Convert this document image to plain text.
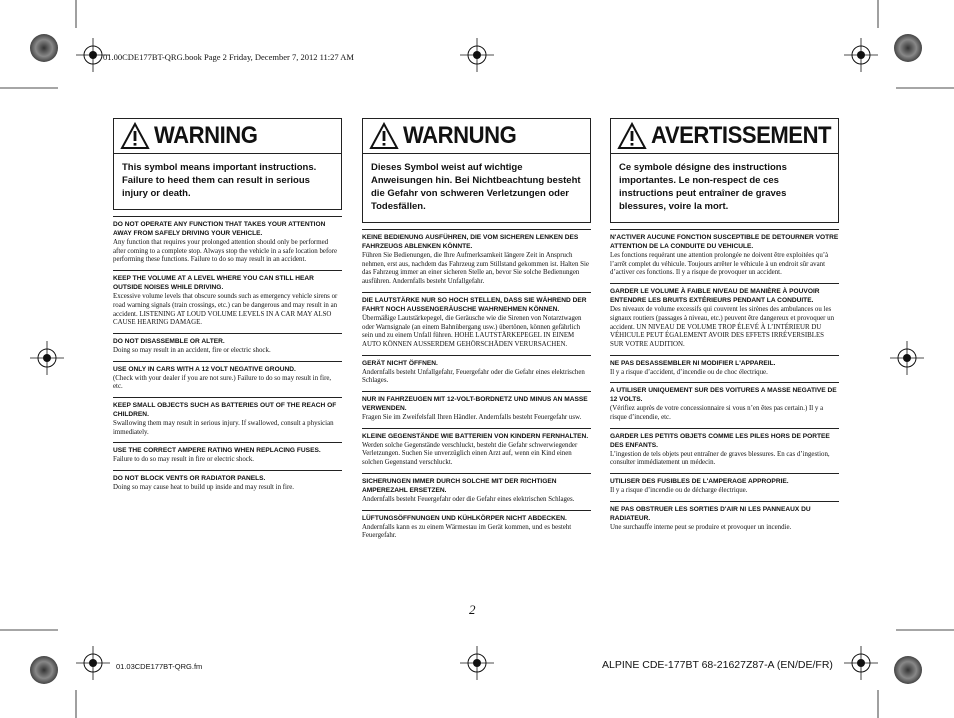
01.00CDE177BT-QRG.book Page 2 Friday, December 7, 2012 11:27 AM
WARNING
This symbol means important instructions. Failure to heed them can result in serious injury or death.
DO NOT OPERATE ANY FUNCTION THAT TAKES YOUR ATTENTION AWAY FROM SAFELY DRIVING YOUR VEHICLE.

Any function that requires your prolonged attention should only be performed after coming to a complete stop. Always stop the vehicle in a safe location before performing these functions. Failure to do so may result in an accident.

KEEP THE VOLUME AT A LEVEL WHERE YOU CAN STILL HEAR OUTSIDE NOISES WHILE DRIVING.

Excessive volume levels that obscure sounds such as emergency vehicle sirens or road warning signals (train crossings, etc.) can be dangerous and may result in an accident. LISTENING AT LOUD VOLUME LEVELS IN A CAR MAY ALSO CAUSE HEARING DAMAGE.

DO NOT DISASSEMBLE OR ALTER.

Doing so may result in an accident, fire or electric shock.

USE ONLY IN CARS WITH A 12 VOLT NEGATIVE GROUND.

(Check with your dealer if you are not sure.) Failure to do so may result in fire, etc.

KEEP SMALL OBJECTS SUCH AS BATTERIES OUT OF THE REACH OF CHILDREN.

Swallowing them may result in serious injury. If swallowed, consult a physician immediately.

USE THE CORRECT AMPERE RATING WHEN REPLACING FUSES.

Failure to do so may result in fire or electric shock.

DO NOT BLOCK VENTS OR RADIATOR PANELS.

Doing so may cause heat to build up inside and may result in fire.

WARNUNG
Dieses Symbol weist auf wichtige Anweisungen hin. Bei Nichtbeachtung besteht die Gefahr von schweren Verletzungen oder Todesfällen.
KEINE BEDIENUNG AUSFÜHREN, DIE VOM SICHEREN LENKEN DES FAHRZEUGS ABLENKEN KÖNNTE.

Führen Sie Bedienungen, die Ihre Aufmerksamkeit längere Zeit in Anspruch nehmen, erst aus, nachdem das Fahrzeug zum Stillstand gekommen ist. Halten Sie das Fahrzeug immer an einer sicheren Stelle an, bevor Sie solche Bedienungen ausführen. Andernfalls besteht Unfallgefahr.

DIE LAUTSTÄRKE NUR SO HOCH STELLEN, DASS SIE WÄHREND DER FAHRT NOCH AUSSENGERÄUSCHE WAHRNEHMEN KÖNNEN.

Übermäßige Lautstärkepegel, die Geräusche wie die Sirenen von Notarztwagen oder Warnsignale (an einem Bahnübergang usw.) übertönen, können gefährlich sein und zu einem Unfall führen. HOHE LAUTSTÄRKEPEGEL IN EINEM AUTO KÖNNEN AUSSERDEM GEHÖRSCHÄDEN VERURSACHEN.

GERÄT NICHT ÖFFNEN.

Andernfalls besteht Unfallgefahr, Feuergefahr oder die Gefahr eines elektrischen Schlages.

NUR IN FAHRZEUGEN MIT 12-VOLT-BORDNETZ UND MINUS AN MASSE VERWENDEN.

Fragen Sie im Zweifelsfall Ihren Händler. Andernfalls besteht Feuergefahr usw.

KLEINE GEGENSTÄNDE WIE BATTERIEN VON KINDERN FERNHALTEN.

Werden solche Gegenstände verschluckt, besteht die Gefahr schwerwiegender Verletzungen. Suchen Sie unverzüglich einen Arzt auf, wenn ein Kind einen solchen Gegenstand verschluckt.

SICHERUNGEN IMMER DURCH SOLCHE MIT DER RICHTIGEN AMPEREZAHL ERSETZEN.

Andernfalls besteht Feuergefahr oder die Gefahr eines elektrischen Schlages.

LÜFTUNGSÖFFNUNGEN UND KÜHLKÖRPER NICHT ABDECKEN.

Andernfalls kann es zu einem Wärmestau im Gerät kommen, und es besteht Feuergefahr.

AVERTISSEMENT
Ce symbole désigne des instructions importantes. Le non-respect de ces instructions peut entraîner de graves blessures, voire la mort.
N'ACTIVER AUCUNE FONCTION SUSCEPTIBLE DE DETOURNER VOTRE ATTENTION DE LA CONDUITE DU VEHICULE.

Les fonctions requérant une attention prolongée ne doivent être exploitées qu’à l’arrêt complet du véhicule. Toujours arrêter le véhicule à un endroit sûr avant d’activer ces fonctions. Il y a risque de provoquer un accident.

GARDER LE VOLUME À FAIBLE NIVEAU DE MANIÈRE À POUVOIR ENTENDRE LES BRUITS EXTÉRIEURS PENDANT LA CONDUITE.

Des niveaux de volume excessifs qui couvrent les sirènes des ambulances ou les signaux routiers (passages à niveau, etc.) peuvent être dangereux et provoquer un accident. UN NIVEAU DE VOLUME TROP ÉLEVÉ À L’INTÉRIEUR DU VÉHICULE PEUT ÉGALEMENT AVOIR DES EFFETS IRRÉVERSIBLES SUR VOTRE AUDITION.

NE PAS DESASSEMBLER NI MODIFIER L'APPAREIL.

Il y a risque d’accident, d’incendie ou de choc électrique.

A UTILISER UNIQUEMENT SUR DES VOITURES A MASSE NEGATIVE DE 12 VOLTS.

(Vérifiez auprès de votre concessionnaire si vous n’en êtes pas certain.) Il y a risque d’incendie, etc.

GARDER LES PETITS OBJETS COMME LES PILES HORS DE PORTEE DES ENFANTS.

L’ingestion de tels objets peut entraîner de graves blessures. En cas d’ingestion, consulter immédiatement un médecin.

UTILISER DES FUSIBLES DE L'AMPERAGE APPROPRIE.

Il y a risque d’incendie ou de décharge électrique.

NE PAS OBSTRUER LES SORTIES D'AIR NI LES PANNEAUX DU RADIATEUR.

Une surchauffe interne peut se produire et provoquer un incendie.

2
01.03CDE177BT-QRG.fm	ALPINE CDE-177BT 68-21627Z87-A (EN/DE/FR)
